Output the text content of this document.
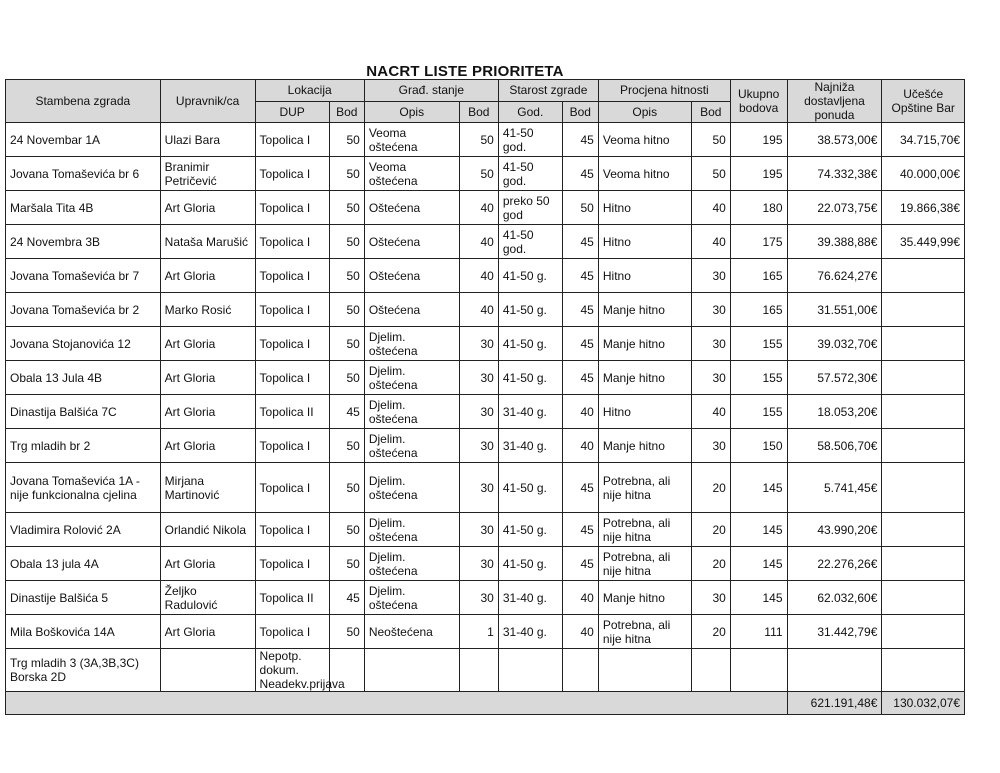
NACRT LISTE PRIORITETA
Stambena zgrada	Upravnik/ca	Lokacija		Građ. stanje		Starost zgrade		Procjena hitnosti		Ukupno bodova	Najniža dostavljena ponuda	Učešće Opštine Bar
		DUP	Bod	Opis	Bod	God.	Bod	Opis	Bod			
24 Novembar 1A	Ulazi Bara	Topolica I	50	Veoma oštećena	50	41-50 god.	45	Veoma hitno	50	195	38.573,00€	34.715,70€
Jovana Tomaševića br 6	Branimir Petričević	Topolica I	50	Veoma oštećena	50	41-50 god.	45	Veoma hitno	50	195	74.332,38€	40.000,00€
Maršala Tita 4B	Art Gloria	Topolica I	50	Oštećena	40	preko 50 god	50	Hitno	40	180	22.073,75€	19.866,38€
24 Novembra 3B	Nataša Marušić	Topolica I	50	Oštećena	40	41-50 god.	45	Hitno	40	175	39.388,88€	35.449,99€
Jovana Tomaševića br 7	Art Gloria	Topolica I	50	Oštećena	40	41-50 g.	45	Hitno	30	165	76.624,27€	
Jovana Tomaševića br 2	Marko Rosić	Topolica I	50	Oštećena	40	41-50 g.	45	Manje hitno	30	165	31.551,00€	
Jovana Stojanovića 12	Art Gloria	Topolica I	50	Djelim. oštećena	30	41-50 g.	45	Manje hitno	30	155	39.032,70€	
Obala 13 Jula 4B	Art Gloria	Topolica I	50	Djelim. oštećena	30	41-50 g.	45	Manje hitno	30	155	57.572,30€	
Dinastija Balšića 7C	Art Gloria	Topolica II	45	Djelim. oštećena	30	31-40 g.	40	Hitno	40	155	18.053,20€	
Trg mladih br 2	Art Gloria	Topolica I	50	Djelim. oštećena	30	31-40 g.	40	Manje hitno	30	150	58.506,70€	
Jovana Tomaševića 1A - nije funkcionalna cjelina	Mirjana Martinović	Topolica I	50	Djelim. oštećena	30	41-50 g.	45	Potrebna, ali nije hitna	20	145	5.741,45€	
Vladimira Rolović 2A	Orlandić Nikola	Topolica I	50	Djelim. oštećena	30	41-50 g.	45	Potrebna, ali nije hitna	20	145	43.990,20€	
Obala 13 jula 4A	Art Gloria	Topolica I	50	Djelim. oštećena	30	41-50 g.	45	Potrebna, ali nije hitna	20	145	22.276,26€	
Dinastije Balšića 5	Željko Radulović	Topolica II	45	Djelim. oštećena	30	31-40 g.	40	Manje hitno	30	145	62.032,60€	
Mila Boškovića 14A	Art Gloria	Topolica I	50	Neoštećena	1	31-40 g.	40	Potrebna, ali nije hitna	20	111	31.442,79€	
Trg mladih 3 (3A,3B,3C) Borska 2D		Nepotp. dokum. Neadekv.prijava										
											621.191,48€	130.032,07€
